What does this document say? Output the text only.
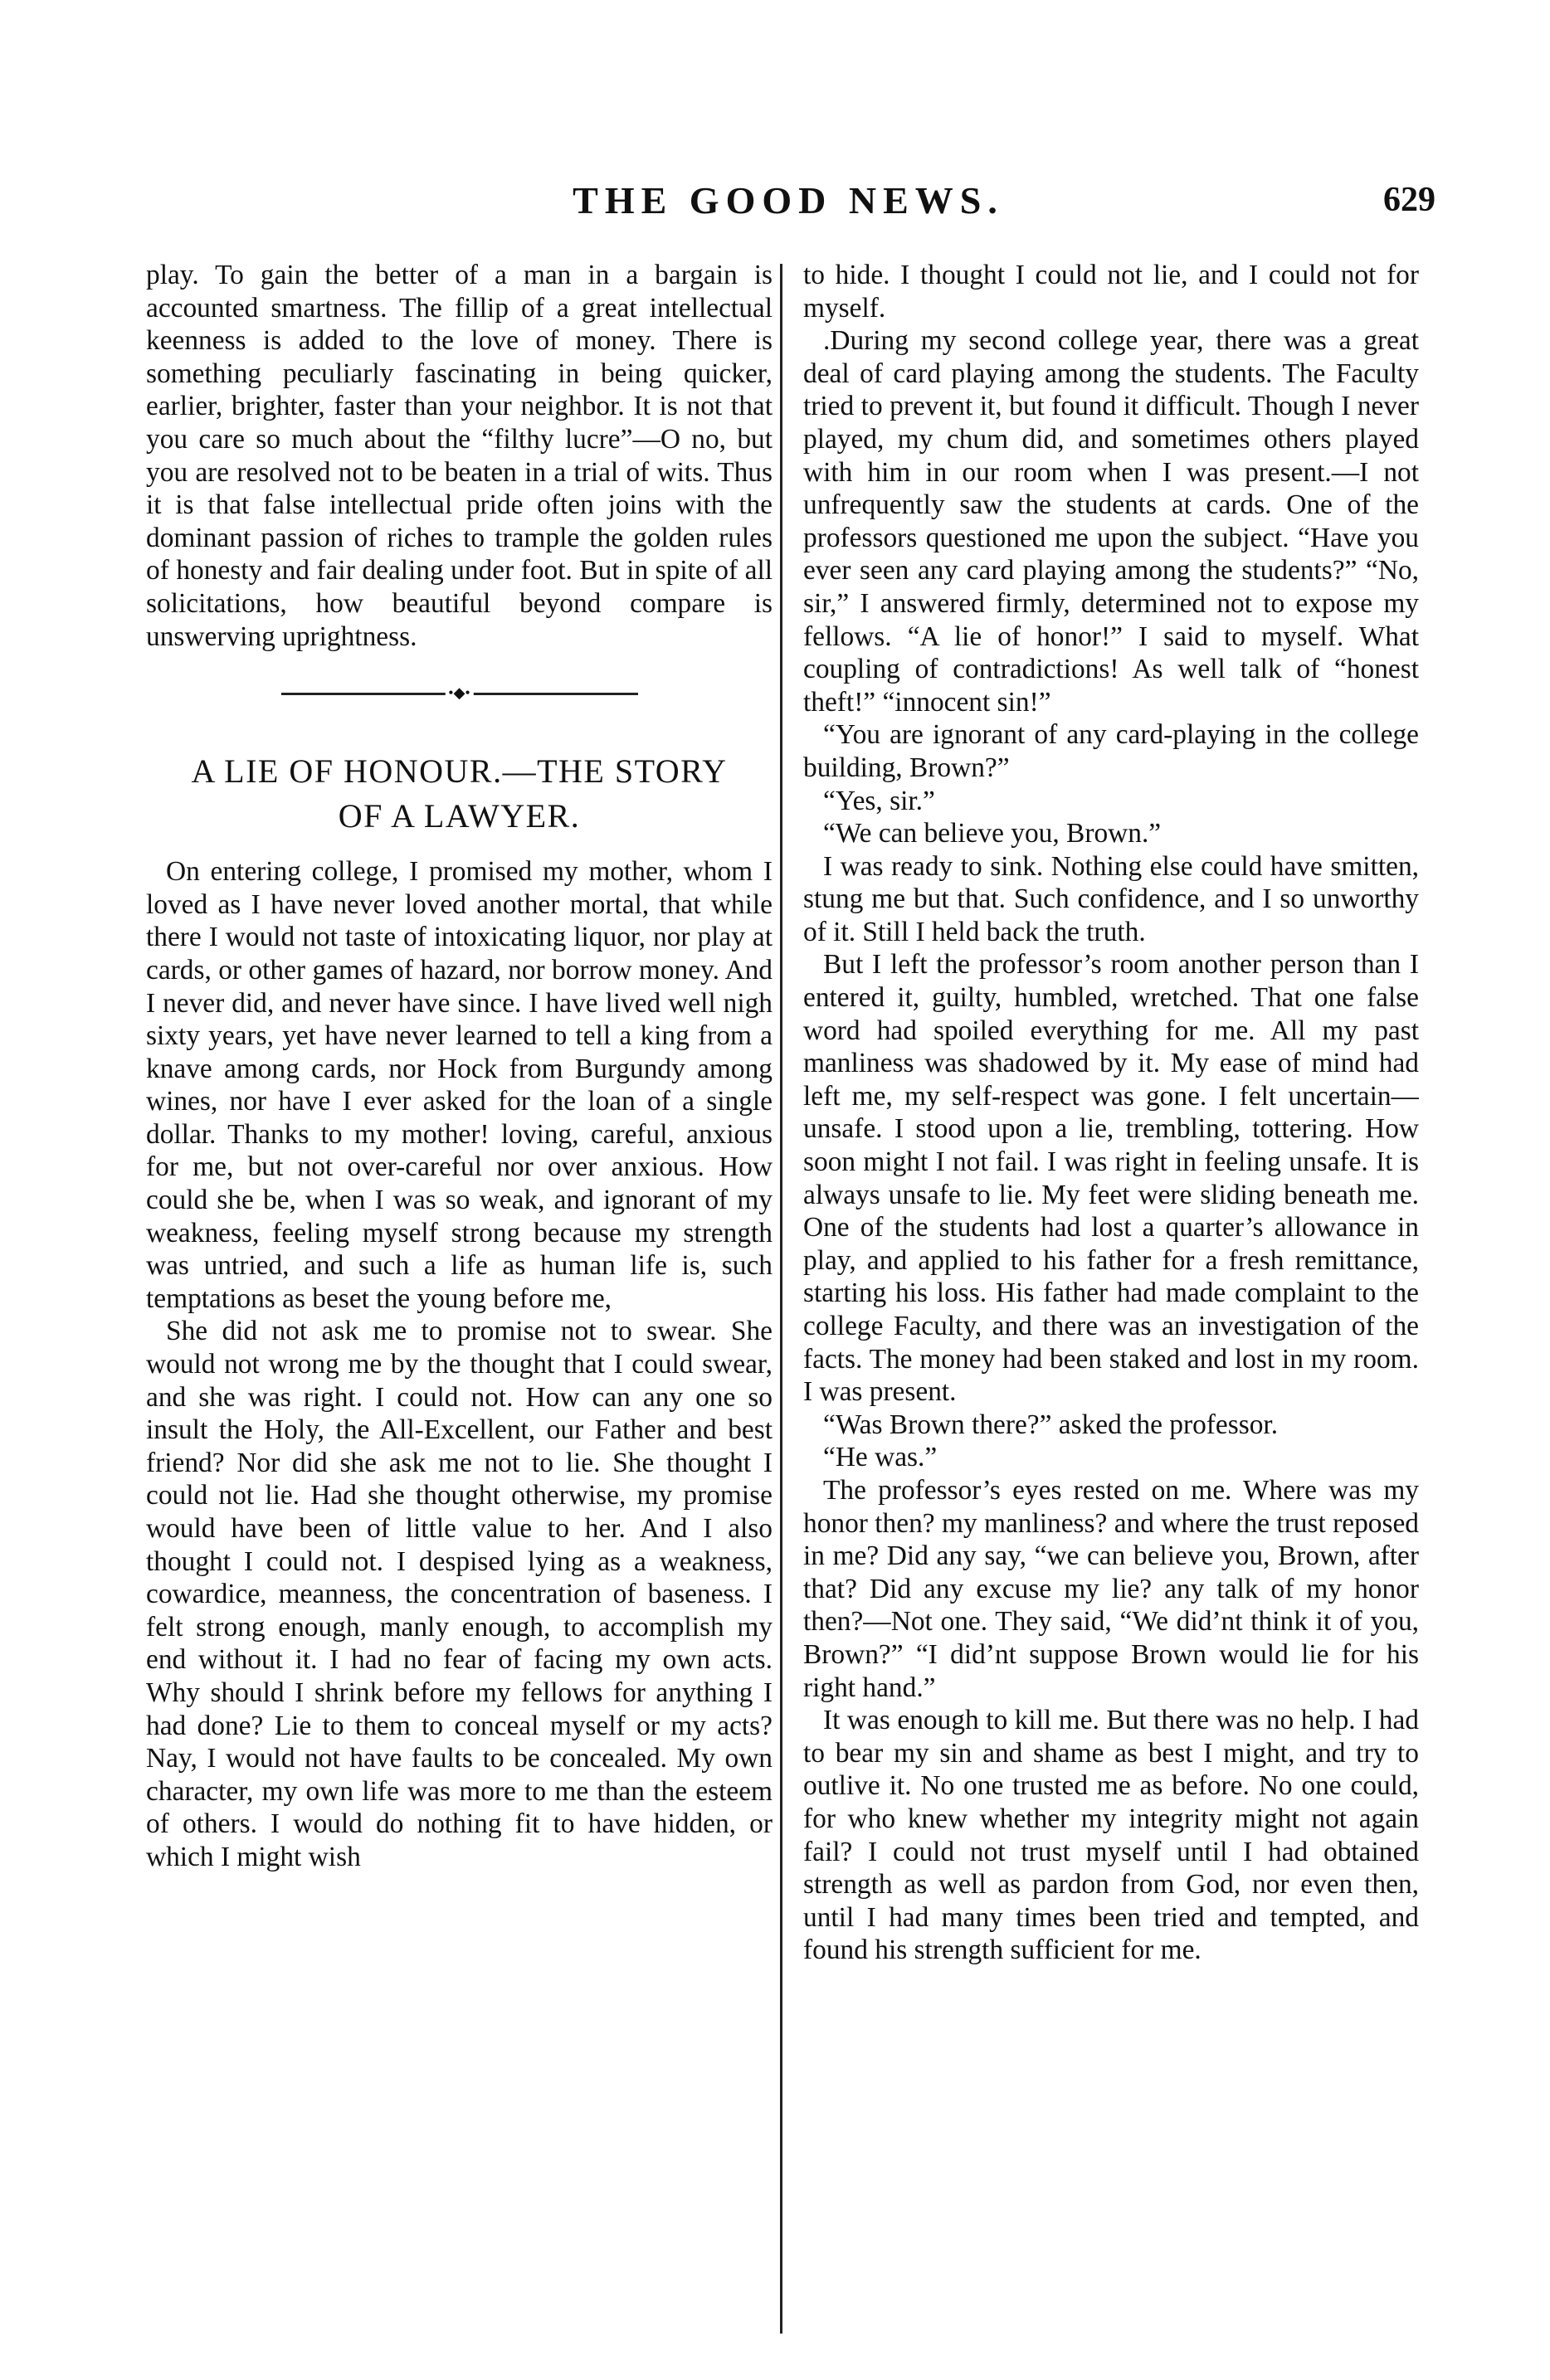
THE GOOD NEWS.	629

play. To gain the better of a man in a bargain is accounted smartness. The fillip of a great intellectual keenness is added to the love of money. There is something peculiarly fascinating in being quicker, earlier, brighter, faster than your neighbor. It is not that you care so much about the “filthy lucre”—O no, but you are resolved not to be beaten in a trial of wits. Thus it is that false intellectual pride often joins with the dominant passion of riches to trample the golden rules of honesty and fair dealing under foot. But in spite of all solicitations, how beautiful beyond compare is unswerving uprightness.

•◆•
A LIE OF HONOUR.—THE STORY
OF A LAWYER.

On entering college, I promised my mother, whom I loved as I have never loved another mortal, that while there I would not taste of intoxicating liquor, nor play at cards, or other games of hazard, nor borrow money. And I never did, and never have since. I have lived well nigh sixty years, yet have never learned to tell a king from a knave among cards, nor Hock from Burgundy among wines, nor have I ever asked for the loan of a single dollar. Thanks to my mother! loving, careful, anxious for me, but not over-careful nor over anxious. How could she be, when I was so weak, and ignorant of my weakness, feeling myself strong because my strength was untried, and such a life as human life is, such temptations as beset the young before me,

She did not ask me to promise not to swear. She would not wrong me by the thought that I could swear, and she was right. I could not. How can any one so insult the Holy, the All-Excellent, our Father and best friend? Nor did she ask me not to lie. She thought I could not lie. Had she thought otherwise, my promise would have been of little value to her. And I also thought I could not. I despised lying as a weakness, cowardice, meanness, the concentration of baseness. I felt strong enough, manly enough, to accomplish my end without it. I had no fear of facing my own acts. Why should I shrink before my fellows for anything I had done? Lie to them to conceal myself or my acts? Nay, I would not have faults to be concealed. My own character, my own life was more to me than the esteem of others. I would do nothing fit to have hidden, or which I might wish

to hide. I thought I could not lie, and I could not for myself.

.During my second college year, there was a great deal of card playing among the students. The Faculty tried to prevent it, but found it difficult. Though I never played, my chum did, and sometimes others played with him in our room when I was present.—I not unfrequently saw the students at cards. One of the professors questioned me upon the subject. “Have you ever seen any card playing among the students?” “No, sir,” I answered firmly, determined not to expose my fellows. “A lie of honor!” I said to myself. What coupling of contradictions! As well talk of “honest theft!” “innocent sin!”

“You are ignorant of any card-playing in the college building, Brown?”

“Yes, sir.”

“We can believe you, Brown.”

I was ready to sink. Nothing else could have smitten, stung me but that. Such confidence, and I so unworthy of it. Still I held back the truth.

But I left the professor’s room another person than I entered it, guilty, humbled, wretched. That one false word had spoiled everything for me. All my past manliness was shadowed by it. My ease of mind had left me, my self-respect was gone. I felt uncertain—unsafe. I stood upon a lie, trembling, tottering. How soon might I not fail. I was right in feeling unsafe. It is always unsafe to lie. My feet were sliding beneath me. One of the students had lost a quarter’s allowance in play, and applied to his father for a fresh remittance, starting his loss. His father had made complaint to the college Faculty, and there was an investigation of the facts. The money had been staked and lost in my room. I was present.

“Was Brown there?” asked the professor.

“He was.”

The professor’s eyes rested on me. Where was my honor then? my manliness? and where the trust reposed in me? Did any say, “we can believe you, Brown, after that? Did any excuse my lie? any talk of my honor then?—Not one. They said, “We did’nt think it of you, Brown?” “I did’nt suppose Brown would lie for his right hand.”

It was enough to kill me. But there was no help. I had to bear my sin and shame as best I might, and try to outlive it. No one trusted me as before. No one could, for who knew whether my integrity might not again fail? I could not trust myself until I had obtained strength as well as pardon from God, nor even then, until I had many times been tried and tempted, and found his strength sufficient for me.
